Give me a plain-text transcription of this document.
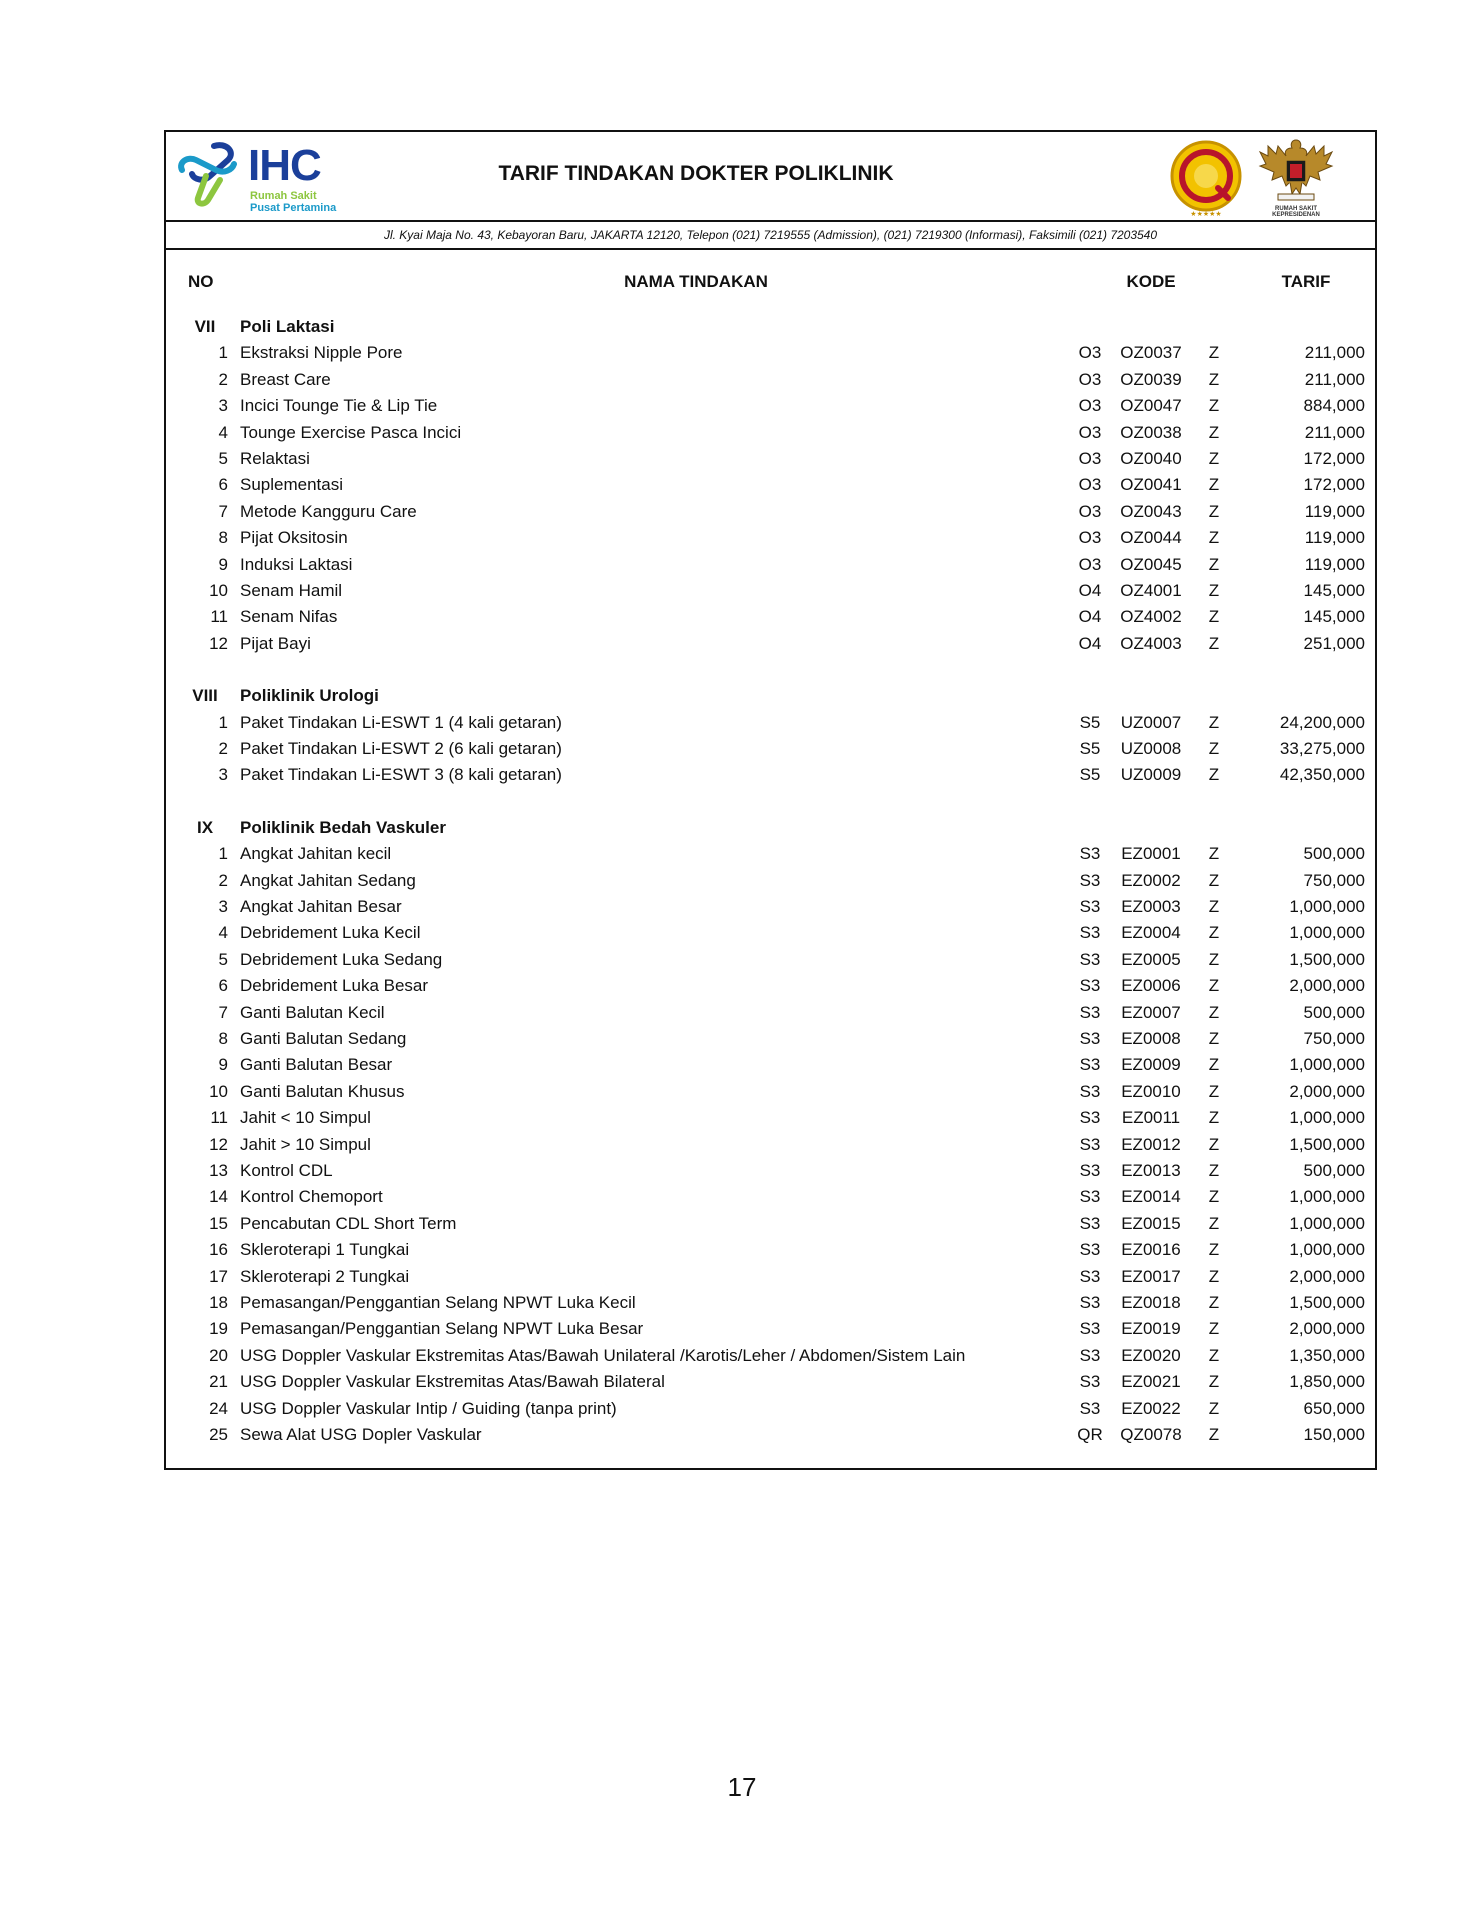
IHC
Rumah Sakit
Pusat Pertamina
TARIF TINDAKAN DOKTER POLIKLINIK
★★★★★
RUMAH SAKIT KEPRESIDENAN
Jl. Kyai Maja No. 43, Kebayoran Baru, JAKARTA 12120, Telepon (021) 7219555 (Admission), (021) 7219300 (Informasi), Faksimili (021) 7203540
NO	NAMA TINDAKAN	KODE	TARIF
VII	Poli Laktasi
1 Ekstraksi Nipple Pore	O3	OZ0037	Z	211,000
2 Breast Care	O3	OZ0039	Z	211,000
3 Incici Tounge Tie & Lip Tie	O3	OZ0047	Z	884,000
4 Tounge Exercise Pasca Incici	O3	OZ0038	Z	211,000
5 Relaktasi	O3	OZ0040	Z	172,000
6 Suplementasi	O3	OZ0041	Z	172,000
7 Metode Kangguru Care	O3	OZ0043	Z	119,000
8 Pijat Oksitosin	O3	OZ0044	Z	119,000
9 Induksi Laktasi	O3	OZ0045	Z	119,000
10 Senam Hamil	O4	OZ4001	Z	145,000
11 Senam Nifas	O4	OZ4002	Z	145,000
12 Pijat Bayi	O4	OZ4003	Z	251,000
VIII	Poliklinik Urologi
1 Paket Tindakan Li-ESWT 1 (4 kali getaran)	S5	UZ0007	Z	24,200,000
2 Paket Tindakan Li-ESWT 2 (6 kali getaran)	S5	UZ0008	Z	33,275,000
3 Paket Tindakan Li-ESWT 3 (8 kali getaran)	S5	UZ0009	Z	42,350,000
IX	Poliklinik Bedah Vaskuler
1 Angkat Jahitan kecil	S3	EZ0001	Z	500,000
2 Angkat Jahitan Sedang	S3	EZ0002	Z	750,000
3 Angkat Jahitan Besar	S3	EZ0003	Z	1,000,000
4 Debridement Luka Kecil	S3	EZ0004	Z	1,000,000
5 Debridement Luka Sedang	S3	EZ0005	Z	1,500,000
6 Debridement Luka Besar	S3	EZ0006	Z	2,000,000
7 Ganti Balutan Kecil	S3	EZ0007	Z	500,000
8 Ganti Balutan Sedang	S3	EZ0008	Z	750,000
9 Ganti Balutan Besar	S3	EZ0009	Z	1,000,000
10 Ganti Balutan Khusus	S3	EZ0010	Z	2,000,000
11 Jahit < 10 Simpul	S3	EZ0011	Z	1,000,000
12 Jahit > 10 Simpul	S3	EZ0012	Z	1,500,000
13 Kontrol CDL	S3	EZ0013	Z	500,000
14 Kontrol Chemoport	S3	EZ0014	Z	1,000,000
15 Pencabutan CDL Short Term	S3	EZ0015	Z	1,000,000
16 Skleroterapi 1 Tungkai	S3	EZ0016	Z	1,000,000
17 Skleroterapi 2 Tungkai	S3	EZ0017	Z	2,000,000
18 Pemasangan/Penggantian Selang NPWT Luka Kecil	S3	EZ0018	Z	1,500,000
19 Pemasangan/Penggantian Selang NPWT Luka Besar	S3	EZ0019	Z	2,000,000
20 USG Doppler Vaskular Ekstremitas Atas/Bawah Unilateral /Karotis/Leher / Abdomen/Sistem Lain	S3	EZ0020	Z	1,350,000
21 USG Doppler Vaskular Ekstremitas Atas/Bawah Bilateral	S3	EZ0021	Z	1,850,000
24 USG Doppler Vaskular Intip / Guiding (tanpa print)	S3	EZ0022	Z	650,000
25 Sewa Alat USG Dopler Vaskular	QR	QZ0078	Z	150,000
17
